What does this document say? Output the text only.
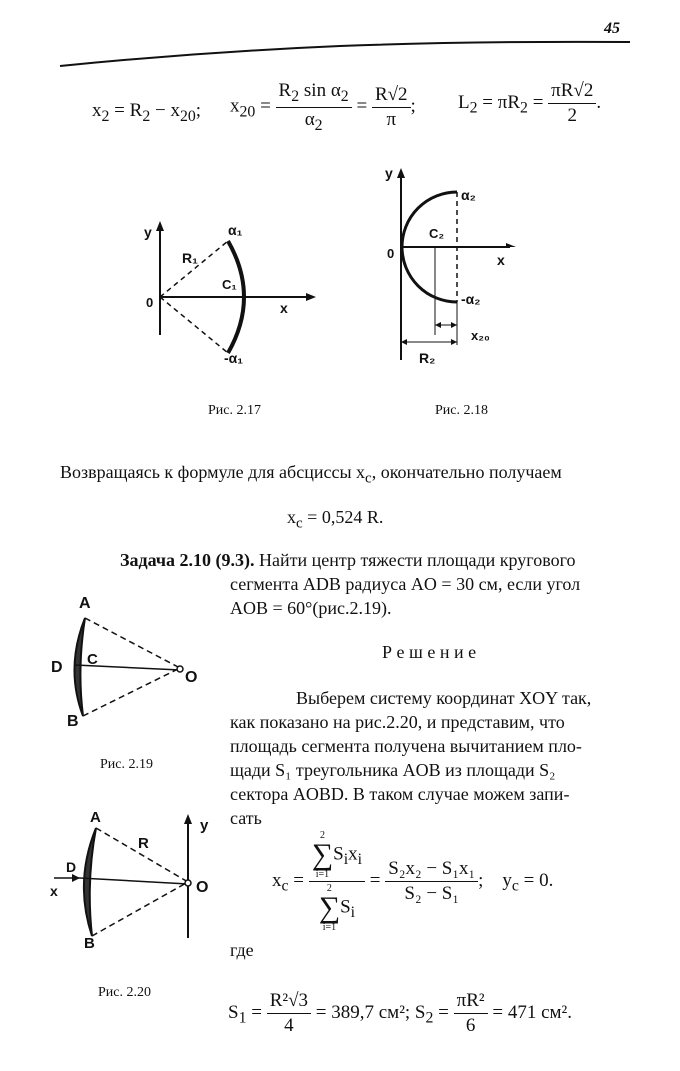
45
$x_2 = R_2 - x_{20}$; $x_{20} = \frac{R_2 \sin \alpha_2}{\alpha_2} = \frac{R√2}{\pi}$ ; $L_2 = \pi R_2 = \frac{\pi R√2}{2}$ .
y
x
0
R₁
C₁
α₁
-α₁
Рис. 2.17
y
x
0
C₂
α₂
-α₂
x₂₀
R₂
Рис. 2.18
Возвращаясь к формуле для абсциссы $x_c$, окончательно получаем
$x_c = 0,524$ R.
Задача 2.10 (9.3). Найти центр тяжести площади кругового
сегмента ADB радиуса AO = 30 см, если угол
AOB = 60°(рис.2.19).
A
B
D C
O
Рис. 2.19
Р е ш е н и е
Выберем систему координат XOY так,
как показано на рис.2.20, и представим, что
площадь сегмента получена вычитанием пло-
щади S₁ треугольника AOB из площади S₂
сектора AOBD. В таком случае можем запи-
сать
A
B
D
R
O
y
x
Рис. 2.20
$x_c = 2$
∑
i=1
$S_ix_i$
2
∑
i=1
$S_i = \frac{\text{S₂x₂ − S₁x₁}}{\text{S₂ − S₁}}$ ;    $y_c = 0$.
где
$S_1 = \frac{\text{R²√3}}{4} = 389,7$ см²; $S_2 = \frac{\text{πR²}}{6} = 471$ см².
